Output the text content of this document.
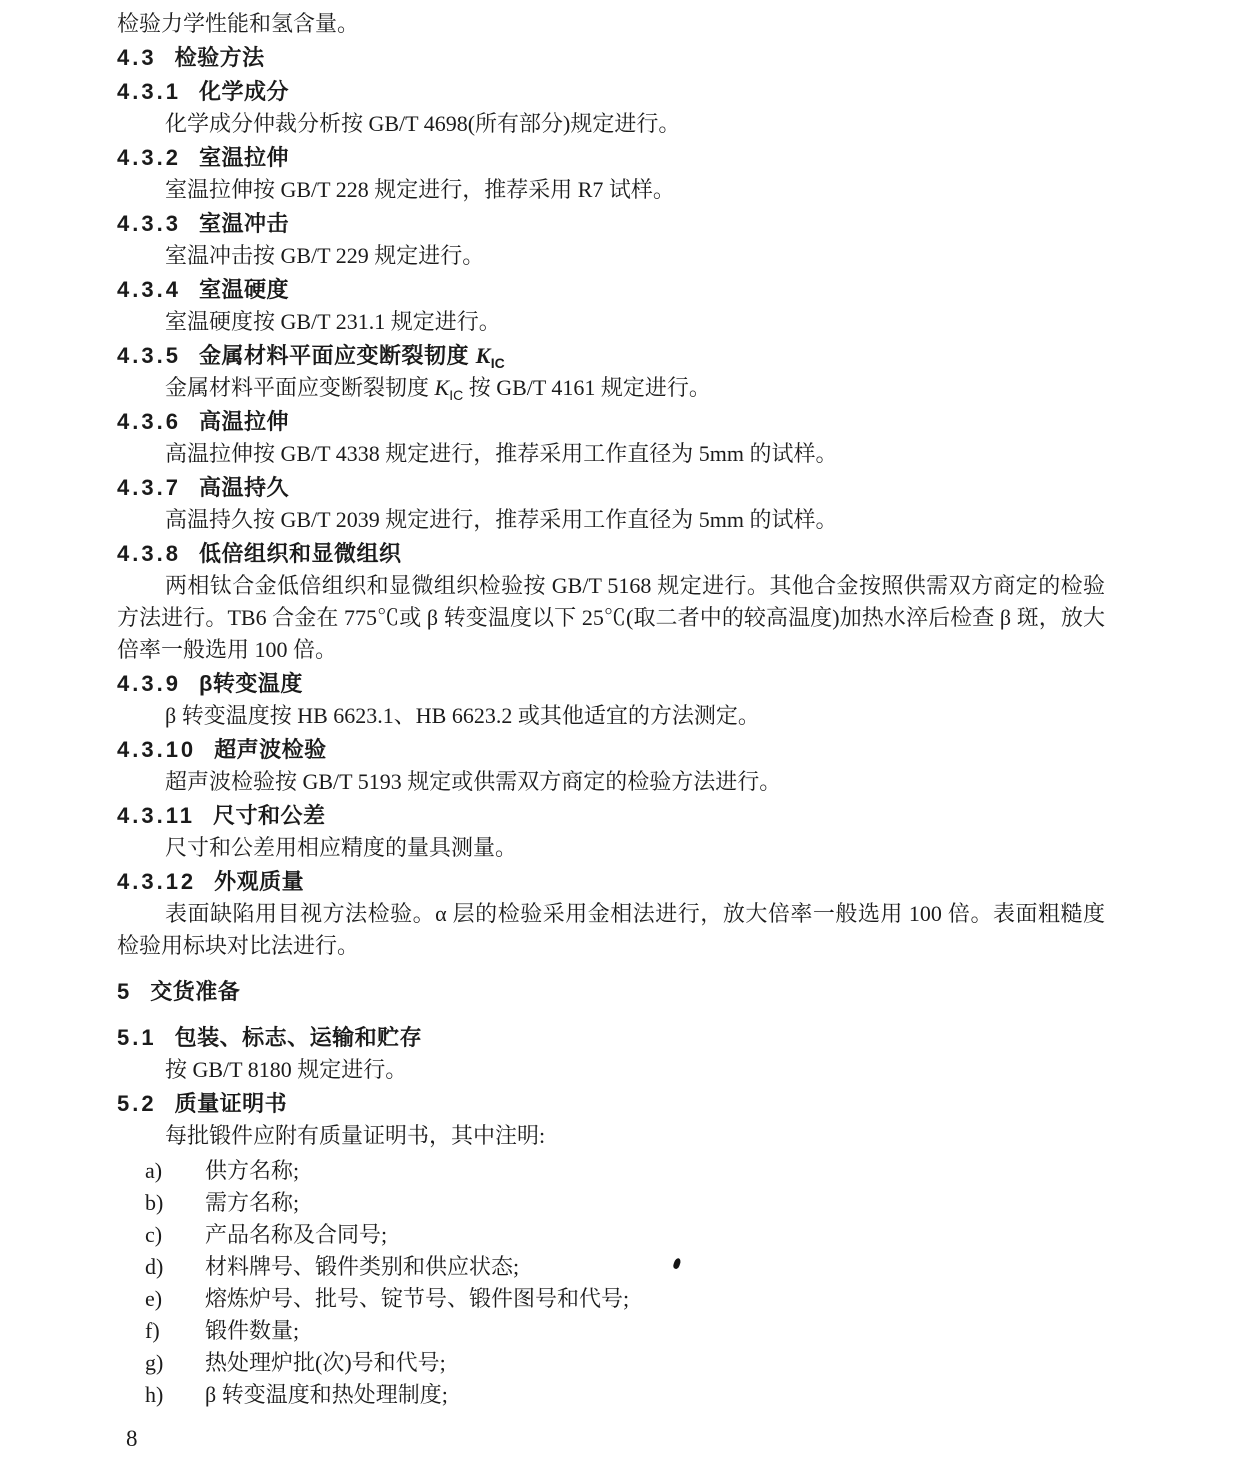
检验力学性能和氢含量。

4.3 检验方法
4.3.1 化学成分

化学成分仲裁分析按 GB/T 4698(所有部分)规定进行。

4.3.2 室温拉伸

室温拉伸按 GB/T 228 规定进行，推荐采用 R7 试样。

4.3.3 室温冲击

室温冲击按 GB/T 229 规定进行。

4.3.4 室温硬度

室温硬度按 GB/T 231.1 规定进行。

4.3.5 金属材料平面应变断裂韧度 $K_{IC}$

金属材料平面应变断裂韧度 $K_{IC}$ 按 GB/T 4161 规定进行。

4.3.6 高温拉伸

高温拉伸按 GB/T 4338 规定进行，推荐采用工作直径为 5mm 的试样。

4.3.7 高温持久

高温持久按 GB/T 2039 规定进行，推荐采用工作直径为 5mm 的试样。

4.3.8 低倍组织和显微组织

两相钛合金低倍组织和显微组织检验按 GB/T 5168 规定进行。其他合金按照供需双方商定的检验方法进行。TB6 合金在 775℃或 β 转变温度以下 25℃(取二者中的较高温度)加热水淬后检查 β 斑，放大倍率一般选用 100 倍。

4.3.9 β转变温度

β 转变温度按 HB 6623.1、HB 6623.2 或其他适宜的方法测定。

4.3.10 超声波检验

超声波检验按 GB/T 5193 规定或供需双方商定的检验方法进行。

4.3.11 尺寸和公差

尺寸和公差用相应精度的量具测量。

4.3.12 外观质量

表面缺陷用目视方法检验。α 层的检验采用金相法进行，放大倍率一般选用 100 倍。表面粗糙度检验用标块对比法进行。

5 交货准备
5.1 包装、标志、运输和贮存

按 GB/T 8180 规定进行。

5.2 质量证明书

每批锻件应附有质量证明书，其中注明:

a)	供方名称;
b)	需方名称;
c)	产品名称及合同号;
d)	材料牌号、锻件类别和供应状态;
e)	熔炼炉号、批号、锭节号、锻件图号和代号;
f)	锻件数量;
g)	热处理炉批(次)号和代号;
h)	β 转变温度和热处理制度;
8
